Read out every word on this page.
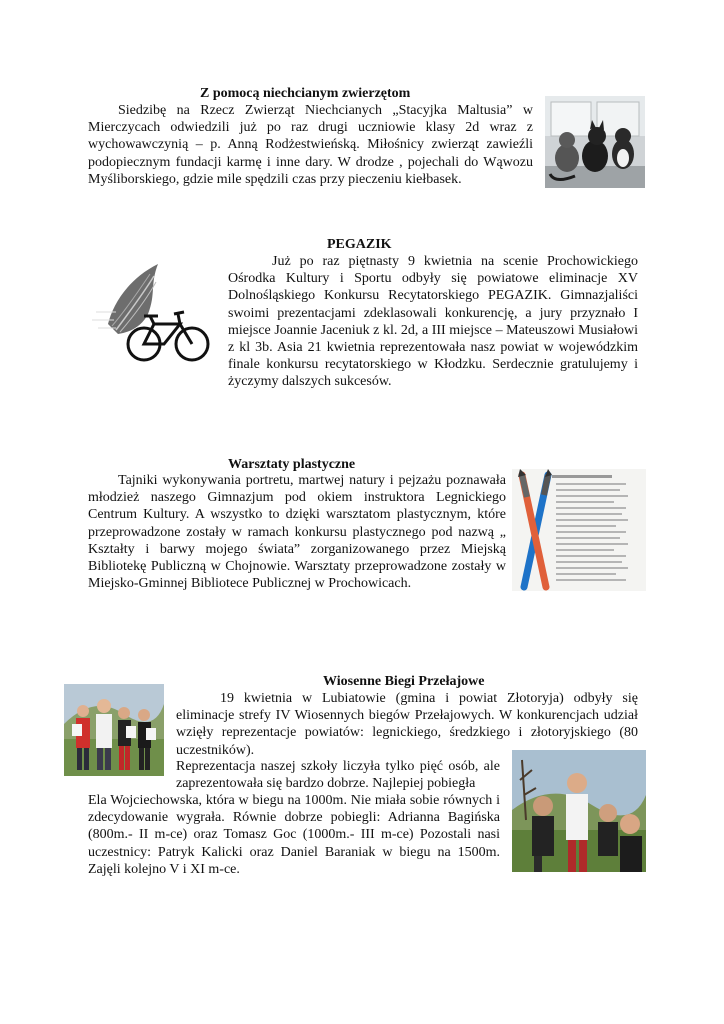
Z pomocą niechcianym zwierzętom

Siedzibę na Rzecz Zwierząt Niechcianych „Stacyjka Maltusia” w Mierczycach odwiedzili już po raz drugi uczniowie klasy 2d wraz z wychowawczynią – p. Anną Rodżestwieńską. Miłośnicy zwierząt zawieźli podopiecznym fundacji karmę i inne dary. W drodze , pojechali do Wąwozu Myśliborskiego, gdzie mile spędzili czas przy pieczeniu kiełbasek.

PEGAZIK

Już po raz piętnasty 9 kwietnia na scenie Prochowickiego Ośrodka Kultury i Sportu odbyły się powiatowe eliminacje XV Dolnośląskiego Konkursu Recytatorskiego PEGAZIK. Gimnazjaliści swoimi prezentacjami zdeklasowali konkurencję, a jury przyznało I miejsce Joannie Jaceniuk z kl. 2d, a III miejsce – Mateuszowi Musiałowi z kl 3b. Asia 21 kwietnia reprezentowała nasz powiat w wojewódzkim finale konkursu recytatorskiego w Kłodzku. Serdecznie gratulujemy i życzymy dalszych sukcesów.

Warsztaty plastyczne

Tajniki wykonywania portretu, martwej natury i pejzażu poznawała młodzież naszego Gimnazjum pod okiem instruktora Legnickiego Centrum Kultury. A wszystko to dzięki warsztatom plastycznym, które przeprowadzone zostały w ramach konkursu plastycznego pod nazwą „ Kształty i barwy mojego świata” zorganizowanego przez Miejską Bibliotekę Publiczną w Chojnowie. Warsztaty przeprowadzone zostały w Miejsko-Gminnej Bibliotece Publicznej w Prochowicach.

Wiosenne Biegi Przełajowe

19 kwietnia w Lubiatowie (gmina i powiat Złotoryja) odbyły się eliminacje strefy IV Wiosennych biegów Przełajowych. W konkurencjach udział wzięły reprezentacje powiatów: legnickiego, średzkiego i złotoryjskiego (80 uczestników).

Reprezentacja naszej szkoły liczyła tylko pięć osób, ale zaprezentowała się bardzo dobrze. Najlepiej pobiegła

Ela Wojciechowska, która w biegu na 1000m. Nie miała sobie równych i zdecydowanie wygrała. Równie dobrze pobiegli: Adrianna Bagińska (800m.- II m-ce) oraz Tomasz Goc (1000m.- III m-ce) Pozostali nasi uczestnicy: Patryk Kalicki oraz Daniel Baraniak w biegu na 1500m. Zajęli kolejno V i XI m-ce.
